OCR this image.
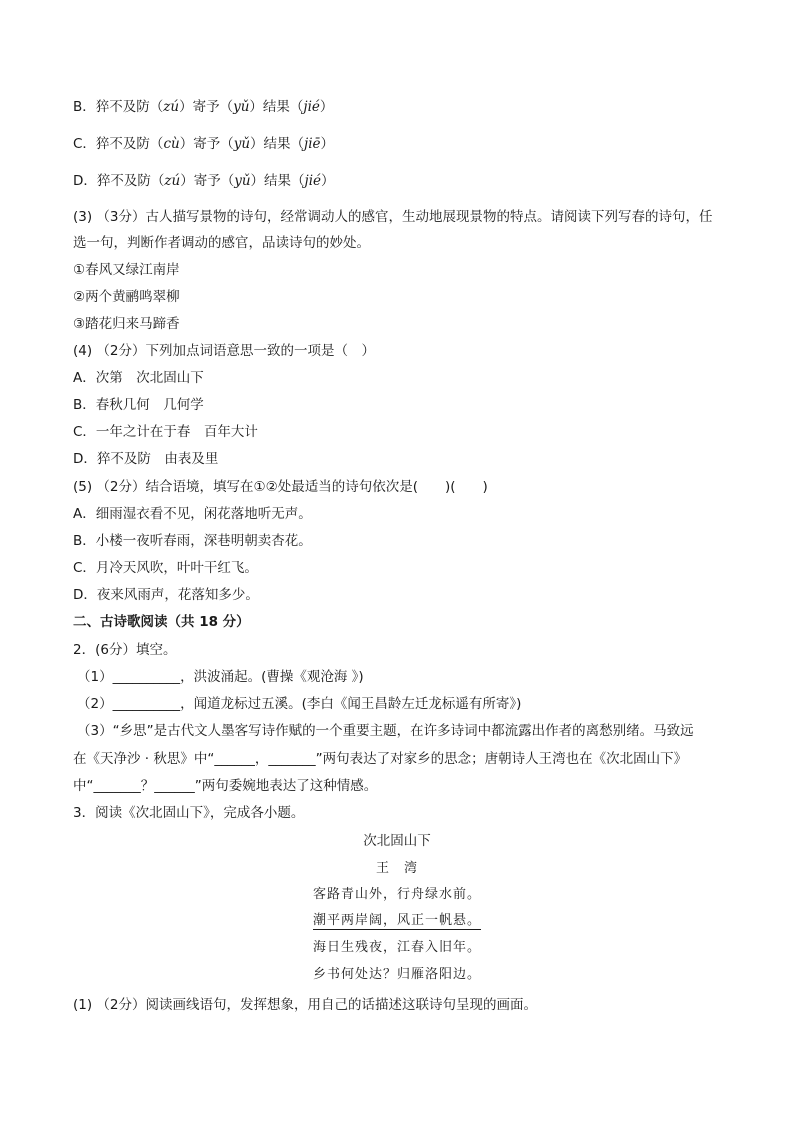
B．猝不及防（zú）寄予（yǔ）结果（jié）
C．猝不及防（cù）寄予（yǔ）结果（jiē）
D．猝不及防（zú）寄予（yǔ）结果（jié）
(3) （3分）古人描写景物的诗句，经常调动人的感官，生动地展现景物的特点。请阅读下列写春的诗句，任选一句，判断作者调动的感官，品读诗句的妙处。
①春风又绿江南岸
②两个黄鹂鸣翠柳
③踏花归来马蹄香
(4) （2分）下列加点词语意思一致的一项是（　）
A．次第　次北固山下
B．春秋几何　几何学
C．一年之计在于春　百年大计
D．猝不及防　由表及里
(5) （2分）结合语境，填写在①②处最适当的诗句依次是(　　)(　　)
A．细雨湿衣看不见，闲花落地听无声。
B．小楼一夜听春雨，深巷明朝卖杏花。
C．月冷天风吹，叶叶干红飞。
D．夜来风雨声，花落知多少。
二、古诗歌阅读（共 18 分）
2．(6分）填空。
（1）__________，洪波涌起。(曹操《观沧海 》)
（2）__________，闻道龙标过五溪。(李白《闻王昌龄左迁龙标遥有所寄》)
（3）“乡思”是古代文人墨客写诗作赋的一个重要主题，在许多诗词中都流露出作者的离愁别绪。马致远
在《天净沙 · 秋思》中“______，_______”两句表达了对家乡的思念；唐朝诗人王湾也在《次北固山下》
中“_______？______”两句委婉地表达了这种情感。
3．阅读《次北固山下》，完成各小题。
次北固山下
王　湾
客路青山外，行舟绿水前。
潮平两岸阔，风正一帆悬。
海日生残夜，江春入旧年。
乡书何处达？归雁洛阳边。
(1) （2分）阅读画线语句，发挥想象，用自己的话描述这联诗句呈现的画面。
